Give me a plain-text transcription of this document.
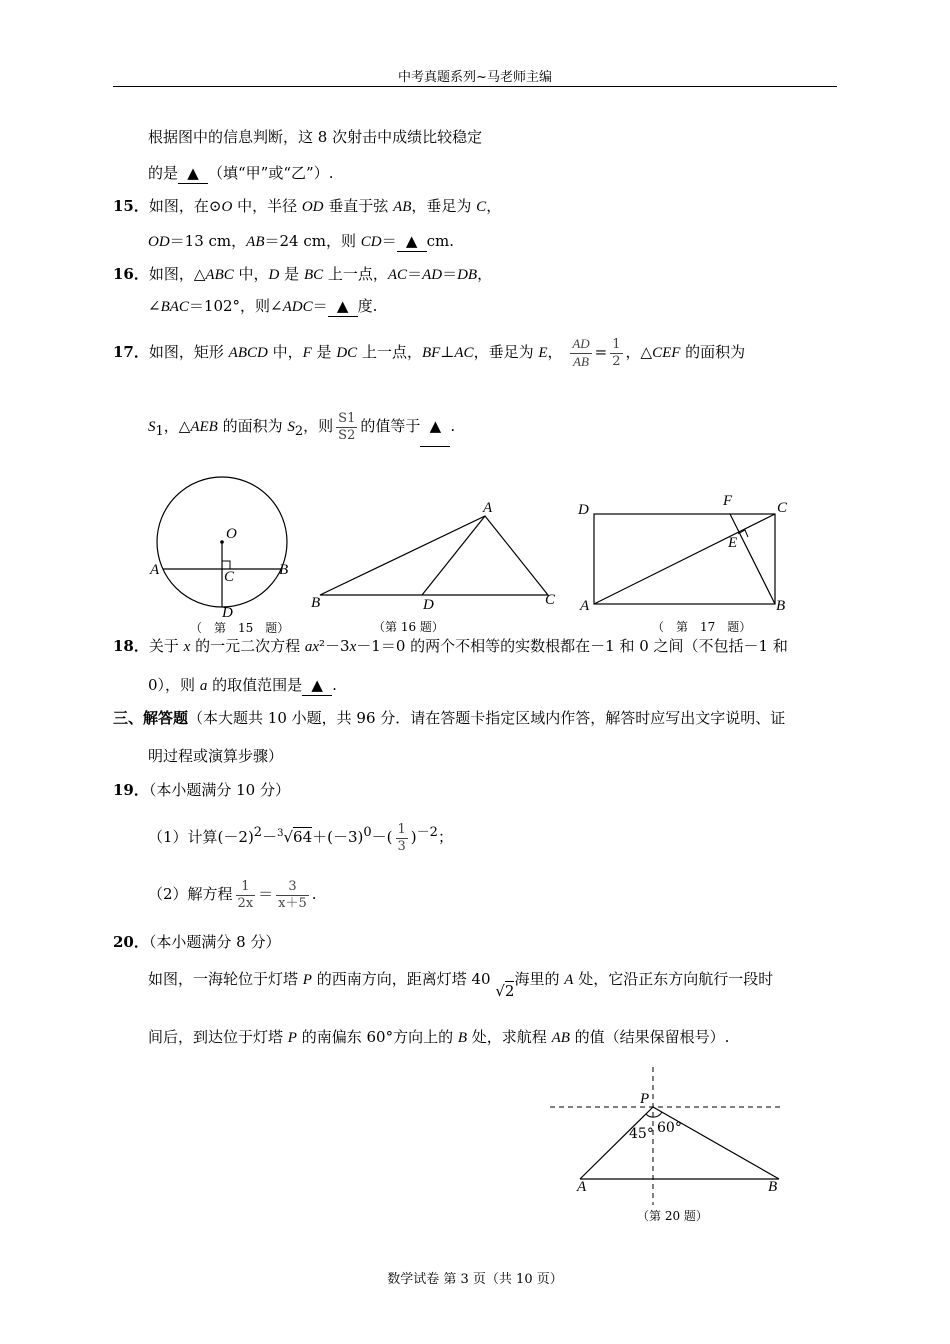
中考真题系列~马老师主编
数学试卷 第 3 页（共 10 页）
根据图中的信息判断，这 8 次射击中成绩比较稳定
的是 ▲ （填“甲”或“乙”）.
15．如图，在⊙O 中，半径 OD 垂直于弦 AB，垂足为 C，
OD＝13 cm，AB＝24 cm，则 CD＝ ▲ cm.
16．如图，△ABC 中，D 是 BC 上一点，AC＝AD＝DB，
∠BAC＝102°，则∠ADC＝ ▲ 度.
17．如图，矩形 ABCD 中，F 是 DC 上一点，BF⊥AC，垂足为 E， $\frac{AD}{AB} = \frac{1}{2}$ ，△CEF 的面积为
$S_1$，△AEB 的面积为 $S_2$，则 $\frac{S1}{S2}$ 的值等于 ▲ .
O
A	B
C
D
（　第　15　题）
A
B	C
D
（第 16 题）
D
F	C
E
A	B
（　第　17　题）
18．关于 x 的一元二次方程 ax²－3x－1＝0 的两个不相等的实数根都在－1 和 0 之间（不包括－1 和
0），则 a 的取值范围是 ▲ .
三、解答题（本大题共 10 小题，共 96 分．请在答题卡指定区域内作答，解答时应写出文字说明、证
明过程或演算步骤）
19．（本小题满分 10 分）
（1）计算$(-2)^2-^3√64+(-3)^0-( \frac{1}{3} )^{-2}$；
（2）解方程 $\frac{1}{2x} = \frac{3}{x+5}$ .
20．（本小题满分 8 分）
如图，一海轮位于灯塔 P 的西南方向，距离灯塔 40 √2海里的 A 处，它沿正东方向航行一段时
间后，到达位于灯塔 P 的南偏东 60°方向上的 B 处，求航程 AB 的值（结果保留根号）.
P
A	B
45° 60°
（第 20 题）
